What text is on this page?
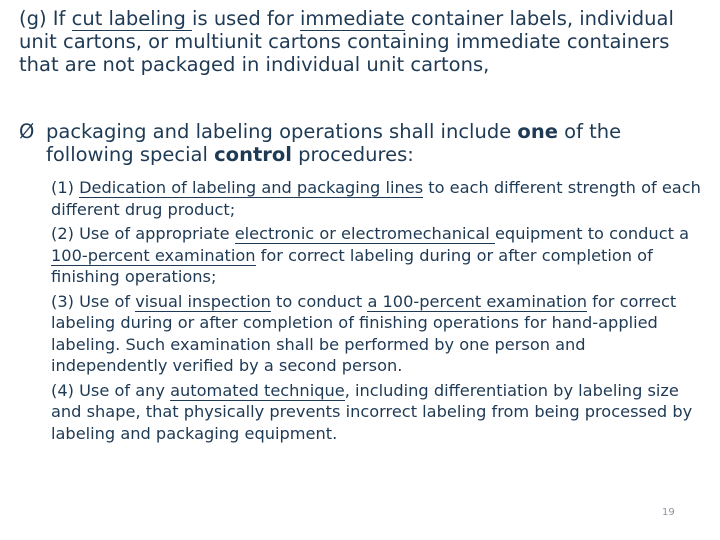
(g) If cut labeling is used for immediate container labels, individual unit cartons, or multiunit cartons containing immediate containers that are not packaged in individual unit cartons,

Ø packaging and labeling operations shall include one of the following special control procedures:

(1) Dedication of labeling and packaging lines to each different strength of each different drug product;

(2) Use of appropriate electronic or electromechanical equipment to conduct a 100-percent examination for correct labeling during or after completion of finishing operations;

(3) Use of visual inspection to conduct a 100-percent examination for correct labeling during or after completion of finishing operations for hand-applied labeling. Such examination shall be performed by one person and independently verified by a second person.

(4) Use of any automated technique, including differentiation by labeling size and shape, that physically prevents incorrect labeling from being processed by labeling and packaging equipment.

19
